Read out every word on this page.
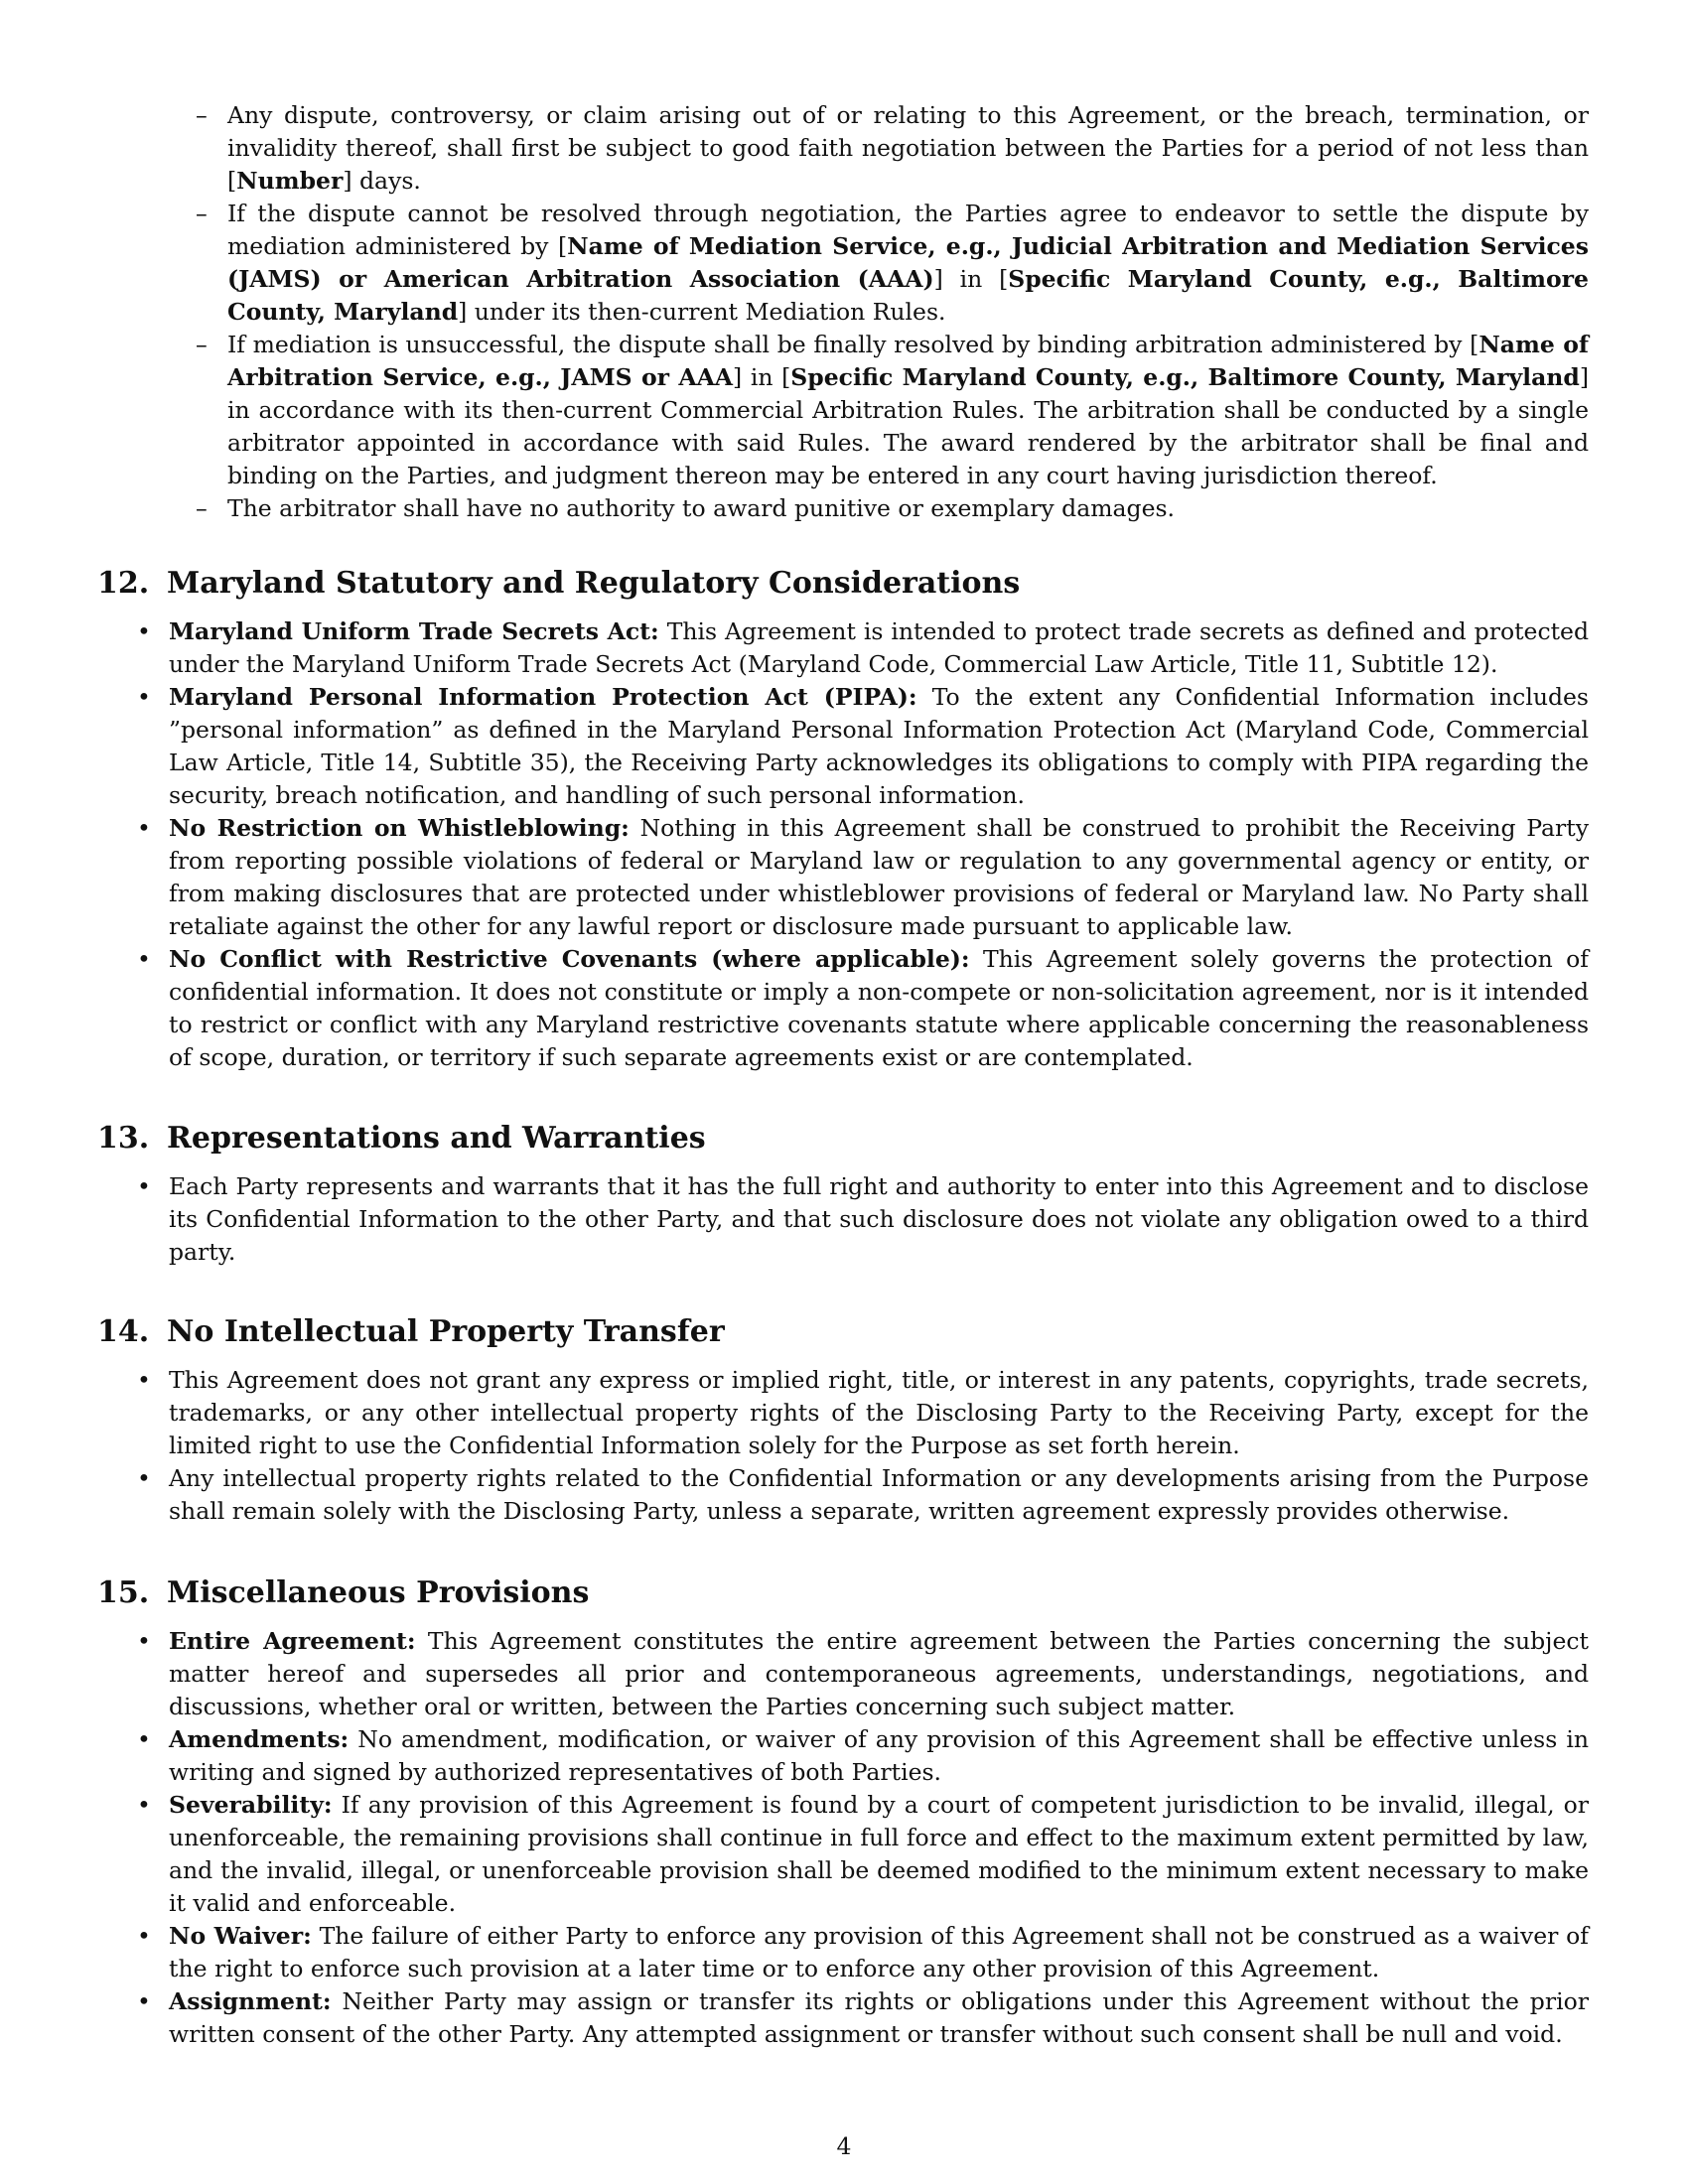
– Any dispute, controversy, or claim arising out of or relating to this Agreement, or the breach, termination, or invalidity thereof, shall first be subject to good faith negotiation between the Parties for a period of not less than [Number] days.
– If the dispute cannot be resolved through negotiation, the Parties agree to endeavor to settle the dispute by mediation administered by [Name of Mediation Service, e.g., Judicial Arbitration and Mediation Services (JAMS) or American Arbitration Association (AAA)] in [Specific Maryland County, e.g., Baltimore County, Maryland] under its then-current Mediation Rules.
– If mediation is unsuccessful, the dispute shall be finally resolved by binding arbitration administered by [Name of Arbitration Service, e.g., JAMS or AAA] in [Specific Maryland County, e.g., Baltimore County, Maryland] in accordance with its then-current Commercial Arbitration Rules. The arbitration shall be conducted by a single arbitrator appointed in accordance with said Rules. The award rendered by the arbitrator shall be final and binding on the Parties, and judgment thereon may be entered in any court having jurisdiction thereof.
– The arbitrator shall have no authority to award punitive or exemplary damages.
12. Maryland Statutory and Regulatory Considerations
• Maryland Uniform Trade Secrets Act: This Agreement is intended to protect trade secrets as defined and protected under the Maryland Uniform Trade Secrets Act (Maryland Code, Commercial Law Article, Title 11, Subtitle 12).
• Maryland Personal Information Protection Act (PIPA): To the extent any Confidential Information includes ”personal information” as defined in the Maryland Personal Information Protection Act (Maryland Code, Commercial Law Article, Title 14, Subtitle 35), the Receiving Party acknowledges its obligations to comply with PIPA regarding the security, breach notification, and handling of such personal information.
• No Restriction on Whistleblowing: Nothing in this Agreement shall be construed to prohibit the Receiving Party from reporting possible violations of federal or Maryland law or regulation to any governmental agency or entity, or from making disclosures that are protected under whistleblower provisions of federal or Maryland law. No Party shall retaliate against the other for any lawful report or disclosure made pursuant to applicable law.
• No Conflict with Restrictive Covenants (where applicable): This Agreement solely governs the protection of confidential information. It does not constitute or imply a non-compete or non-solicitation agreement, nor is it intended to restrict or conflict with any Maryland restrictive covenants statute where applicable concerning the reasonableness of scope, duration, or territory if such separate agreements exist or are contemplated.
13. Representations and Warranties
• Each Party represents and warrants that it has the full right and authority to enter into this Agreement and to disclose its Confidential Information to the other Party, and that such disclosure does not violate any obligation owed to a third party.
14. No Intellectual Property Transfer
• This Agreement does not grant any express or implied right, title, or interest in any patents, copyrights, trade secrets, trademarks, or any other intellectual property rights of the Disclosing Party to the Receiving Party, except for the limited right to use the Confidential Information solely for the Purpose as set forth herein.
• Any intellectual property rights related to the Confidential Information or any developments arising from the Purpose shall remain solely with the Disclosing Party, unless a separate, written agreement expressly provides otherwise.
15. Miscellaneous Provisions
• Entire Agreement: This Agreement constitutes the entire agreement between the Parties concerning the subject matter hereof and supersedes all prior and contemporaneous agreements, understandings, negotiations, and discussions, whether oral or written, between the Parties concerning such subject matter.
• Amendments: No amendment, modification, or waiver of any provision of this Agreement shall be effective unless in writing and signed by authorized representatives of both Parties.
• Severability: If any provision of this Agreement is found by a court of competent jurisdiction to be invalid, illegal, or unenforceable, the remaining provisions shall continue in full force and effect to the maximum extent permitted by law, and the invalid, illegal, or unenforceable provision shall be deemed modified to the minimum extent necessary to make it valid and enforceable.
• No Waiver: The failure of either Party to enforce any provision of this Agreement shall not be construed as a waiver of the right to enforce such provision at a later time or to enforce any other provision of this Agreement.
• Assignment: Neither Party may assign or transfer its rights or obligations under this Agreement without the prior written consent of the other Party. Any attempted assignment or transfer without such consent shall be null and void.
4
